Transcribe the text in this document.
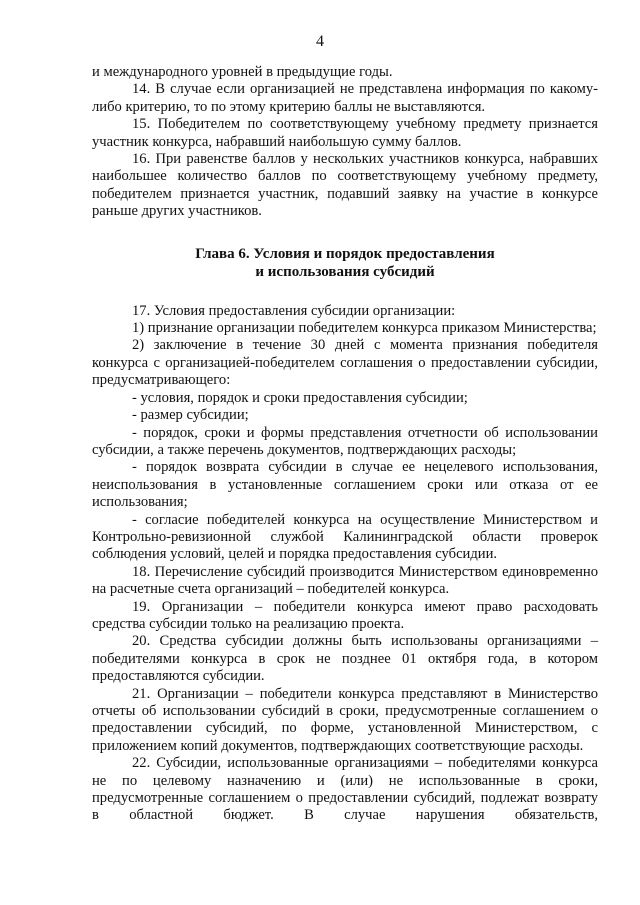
4

и международного уровней в предыдущие годы.

14. В случае если организацией не представлена информация по какому-либо критерию, то по этому критерию баллы не выставляются.

15. Победителем по соответствующему учебному предмету признается участник конкурса, набравший наибольшую сумму баллов.

16. При равенстве баллов у нескольких участников конкурса, набравших наибольшее количество баллов по соответствующему учебному предмету, победителем признается участник, подавший заявку на участие в конкурсе раньше других участников.

Глава 6. Условия и порядок предоставления
и использования субсидий

17. Условия предоставления субсидии организации:

1) признание организации победителем конкурса приказом Министерства;

2) заключение в течение 30 дней с момента признания победителя конкурса с организацией-победителем соглашения о предоставлении субсидии, предусматривающего:

- условия, порядок и сроки предоставления субсидии;

- размер субсидии;

- порядок, сроки и формы представления отчетности об использовании субсидии, а также перечень документов, подтверждающих расходы;

- порядок возврата субсидии в случае ее нецелевого использования, неиспользования в установленные соглашением сроки или отказа от ее использования;

- согласие победителей конкурса на осуществление Министерством и Контрольно-ревизионной службой Калининградской области проверок соблюдения условий, целей и порядка предоставления субсидии.

18. Перечисление субсидий производится Министерством единовременно на расчетные счета организаций – победителей конкурса.

19. Организации – победители конкурса имеют право расходовать средства субсидии только на реализацию проекта.

20. Средства субсидии должны быть использованы организациями – победителями конкурса в срок не позднее 01 октября года, в котором предоставляются субсидии.

21. Организации – победители конкурса представляют в Министерство отчеты об использовании субсидий в сроки, предусмотренные соглашением о предоставлении субсидий, по форме, установленной Министерством, с приложением копий документов, подтверждающих соответствующие расходы.

22. Субсидии, использованные организациями – победителями конкурса не по целевому назначению и (или) не использованные в сроки, предусмотренные соглашением о предоставлении субсидий, подлежат возврату в областной бюджет. В случае нарушения обязательств,
